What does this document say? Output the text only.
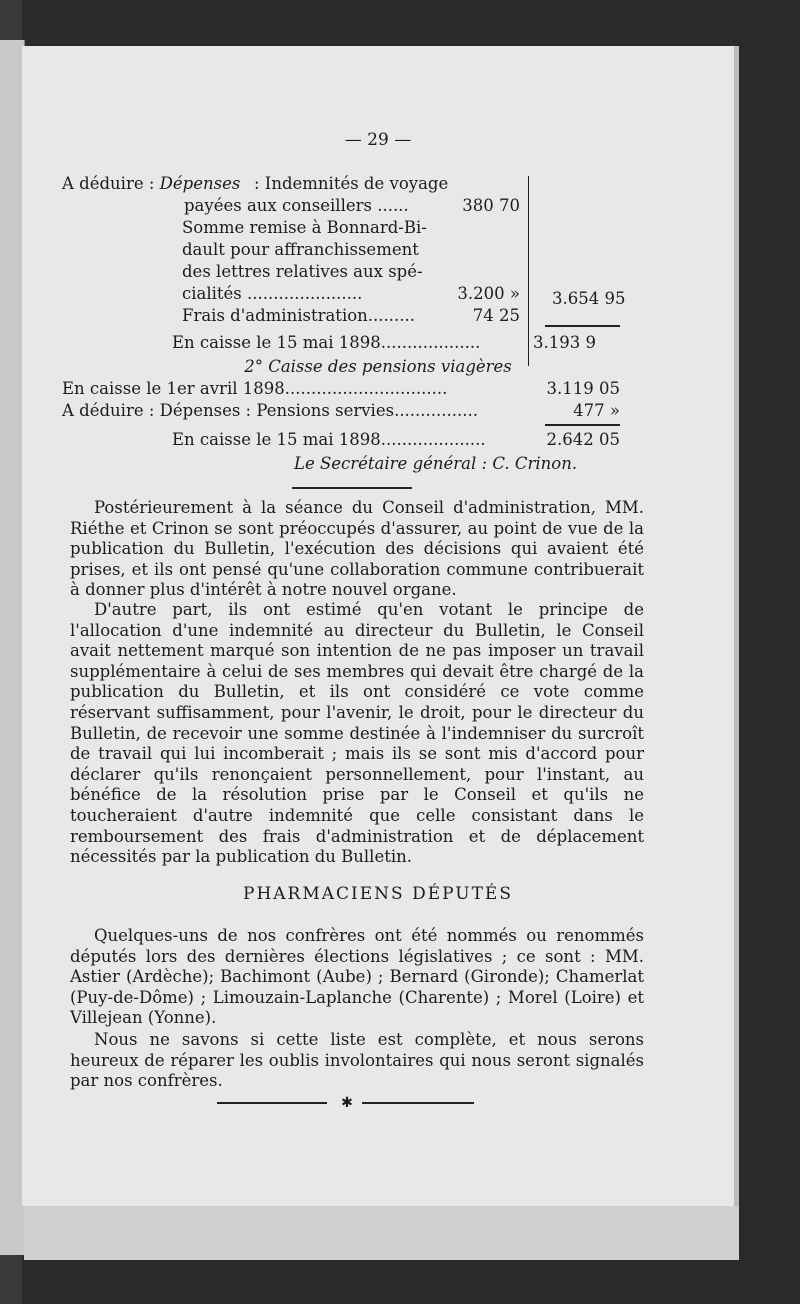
— 29 —
A déduire : Dépenses : Indemnités de voyage
payées aux conseillers ......	380 70
Somme remise à Bonnard-Bi-
dault pour affranchissement
des lettres relatives aux spé-
cialités ......................	3.200 »
Frais d'administration.........	74 25
3.654 95
En caisse le 15 mai 1898...................	3.193 9
2° Caisse des pensions viagères
En caisse le 1er avril 1898...............................	3.119 05
A déduire : Dépenses : Pensions servies................	477 »
En caisse le 15 mai 1898....................	2.642 05
Le Secrétaire général : C. Crinon.

Postérieurement à la séance du Conseil d'administration, MM. Riéthe et Crinon se sont préoccupés d'assurer, au point de vue de la publication du Bulletin, l'exécution des décisions qui avaient été prises, et ils ont pensé qu'une collaboration commune contribuerait à donner plus d'intérêt à notre nouvel organe.

D'autre part, ils ont estimé qu'en votant le principe de l'allocation d'une indemnité au directeur du Bulletin, le Conseil avait nettement marqué son intention de ne pas imposer un travail supplémentaire à celui de ses membres qui devait être chargé de la publication du Bulletin, et ils ont considéré ce vote comme réservant suffisamment, pour l'avenir, le droit, pour le directeur du Bulletin, de recevoir une somme destinée à l'indemniser du surcroît de travail qui lui incomberait ; mais ils se sont mis d'accord pour déclarer qu'ils renonçaient personnellement, pour l'instant, au bénéfice de la résolution prise par le Conseil et qu'ils ne toucheraient d'autre indemnité que celle consistant dans le remboursement des frais d'administration et de déplacement nécessités par la publication du Bulletin.

PHARMACIENS DÉPUTÉS

Quelques-uns de nos confrères ont été nommés ou renommés députés lors des dernières élections législatives ; ce sont : MM. Astier (Ardèche); Bachimont (Aube) ; Bernard (Gironde); Chamerlat (Puy-de-Dôme) ; Limouzain-Laplanche (Charente) ; Morel (Loire) et Villejean (Yonne).

Nous ne savons si cette liste est complète, et nous serons heureux de réparer les oublis involontaires qui nous seront signalés par nos confrères.

✱
